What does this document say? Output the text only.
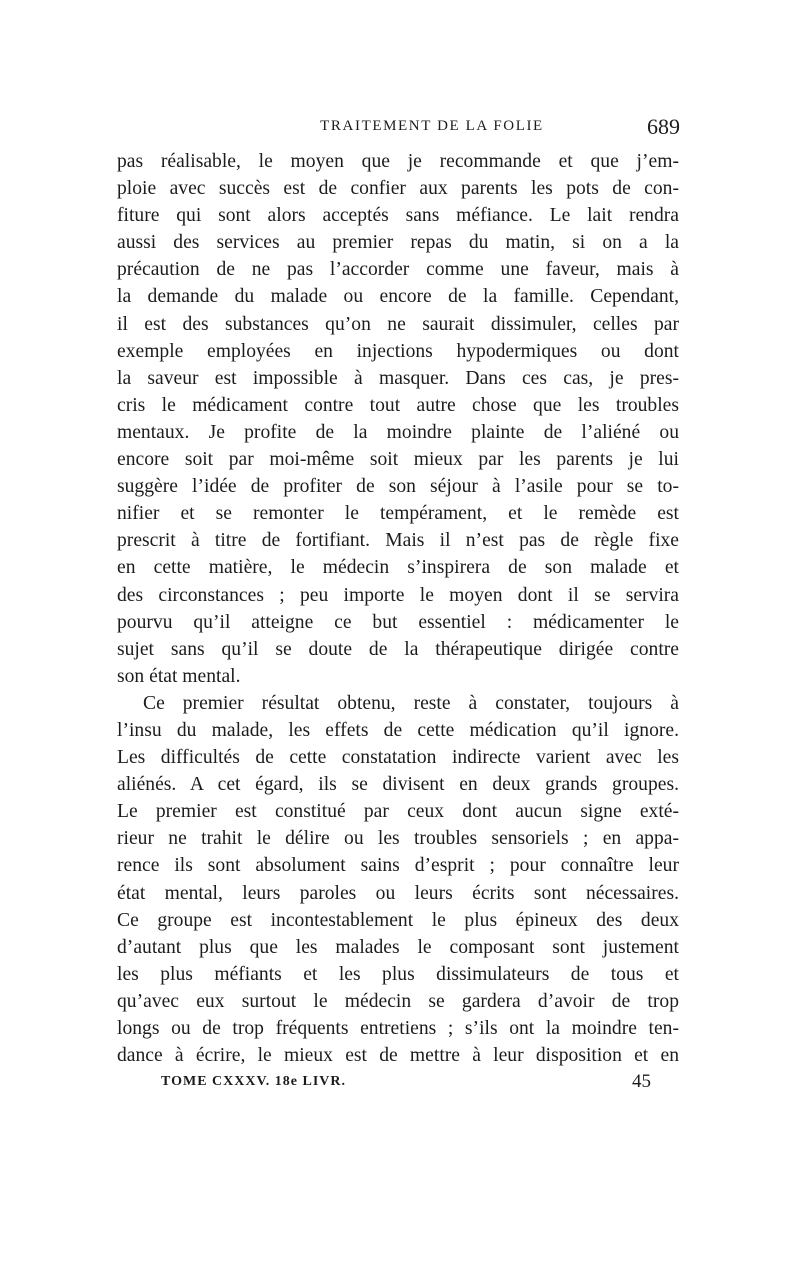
TRAITEMENT DE LA FOLIE	689
pas réalisable, le moyen que je recommande et que j’em-
ploie avec succès est de confier aux parents les pots de con-
fiture qui sont alors acceptés sans méfiance. Le lait rendra
aussi des services au premier repas du matin, si on a la
précaution de ne pas l’accorder comme une faveur, mais à
la demande du malade ou encore de la famille. Cependant,
il est des substances qu’on ne saurait dissimuler, celles par
exemple employées en injections hypodermiques ou dont
la saveur est impossible à masquer. Dans ces cas, je pres-
cris le médicament contre tout autre chose que les troubles
mentaux. Je profite de la moindre plainte de l’aliéné ou
encore soit par moi-même soit mieux par les parents je lui
suggère l’idée de profiter de son séjour à l’asile pour se to-
nifier et se remonter le tempérament, et le remède est
prescrit à titre de fortifiant. Mais il n’est pas de règle fixe
en cette matière, le médecin s’inspirera de son malade et
des circonstances ; peu importe le moyen dont il se servira
pourvu qu’il atteigne ce but essentiel : médicamenter le
sujet sans qu’il se doute de la thérapeutique dirigée contre
son état mental.
Ce premier résultat obtenu, reste à constater, toujours à
l’insu du malade, les effets de cette médication qu’il ignore.
Les difficultés de cette constatation indirecte varient avec les
aliénés. A cet égard, ils se divisent en deux grands groupes.
Le premier est constitué par ceux dont aucun signe exté-
rieur ne trahit le délire ou les troubles sensoriels ; en appa-
rence ils sont absolument sains d’esprit ; pour connaître leur
état mental, leurs paroles ou leurs écrits sont nécessaires.
Ce groupe est incontestablement le plus épineux des deux
d’autant plus que les malades le composant sont justement
les plus méfiants et les plus dissimulateurs de tous et
qu’avec eux surtout le médecin se gardera d’avoir de trop
longs ou de trop fréquents entretiens ; s’ils ont la moindre ten-
dance à écrire, le mieux est de mettre à leur disposition et en
TOME CXXXV. 18e LIVR.	45
